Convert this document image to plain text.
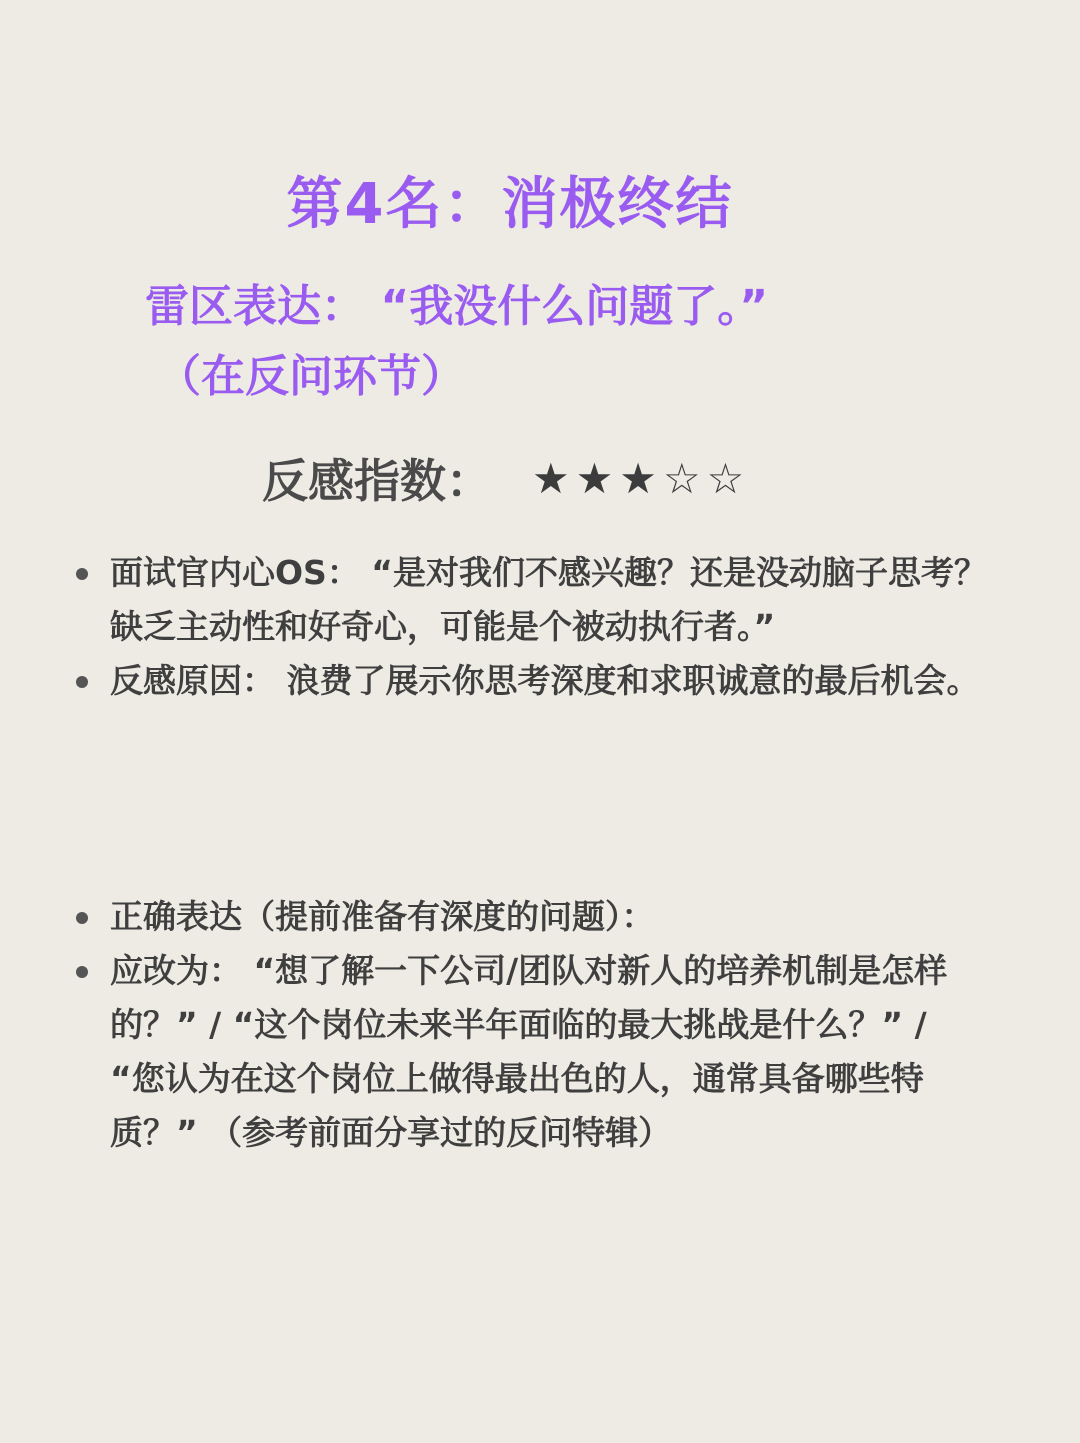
第4名：消极终结
雷区表达： “我没什么问题了。”
（在反问环节）
反感指数： ★★★☆☆
面试官内心OS： “是对我们不感兴趣？还是没动脑子思考？缺乏主动性和好奇心，可能是个被动执行者。”
反感原因： 浪费了展示你思考深度和求职诚意的最后机会。
正确表达（提前准备有深度的问题）：
应改为： “想了解一下公司/团队对新人的培养机制是怎样的？” / “这个岗位未来半年面临的最大挑战是什么？” / “您认为在这个岗位上做得最出色的人，通常具备哪些特质？” （参考前面分享过的反问特辑）
